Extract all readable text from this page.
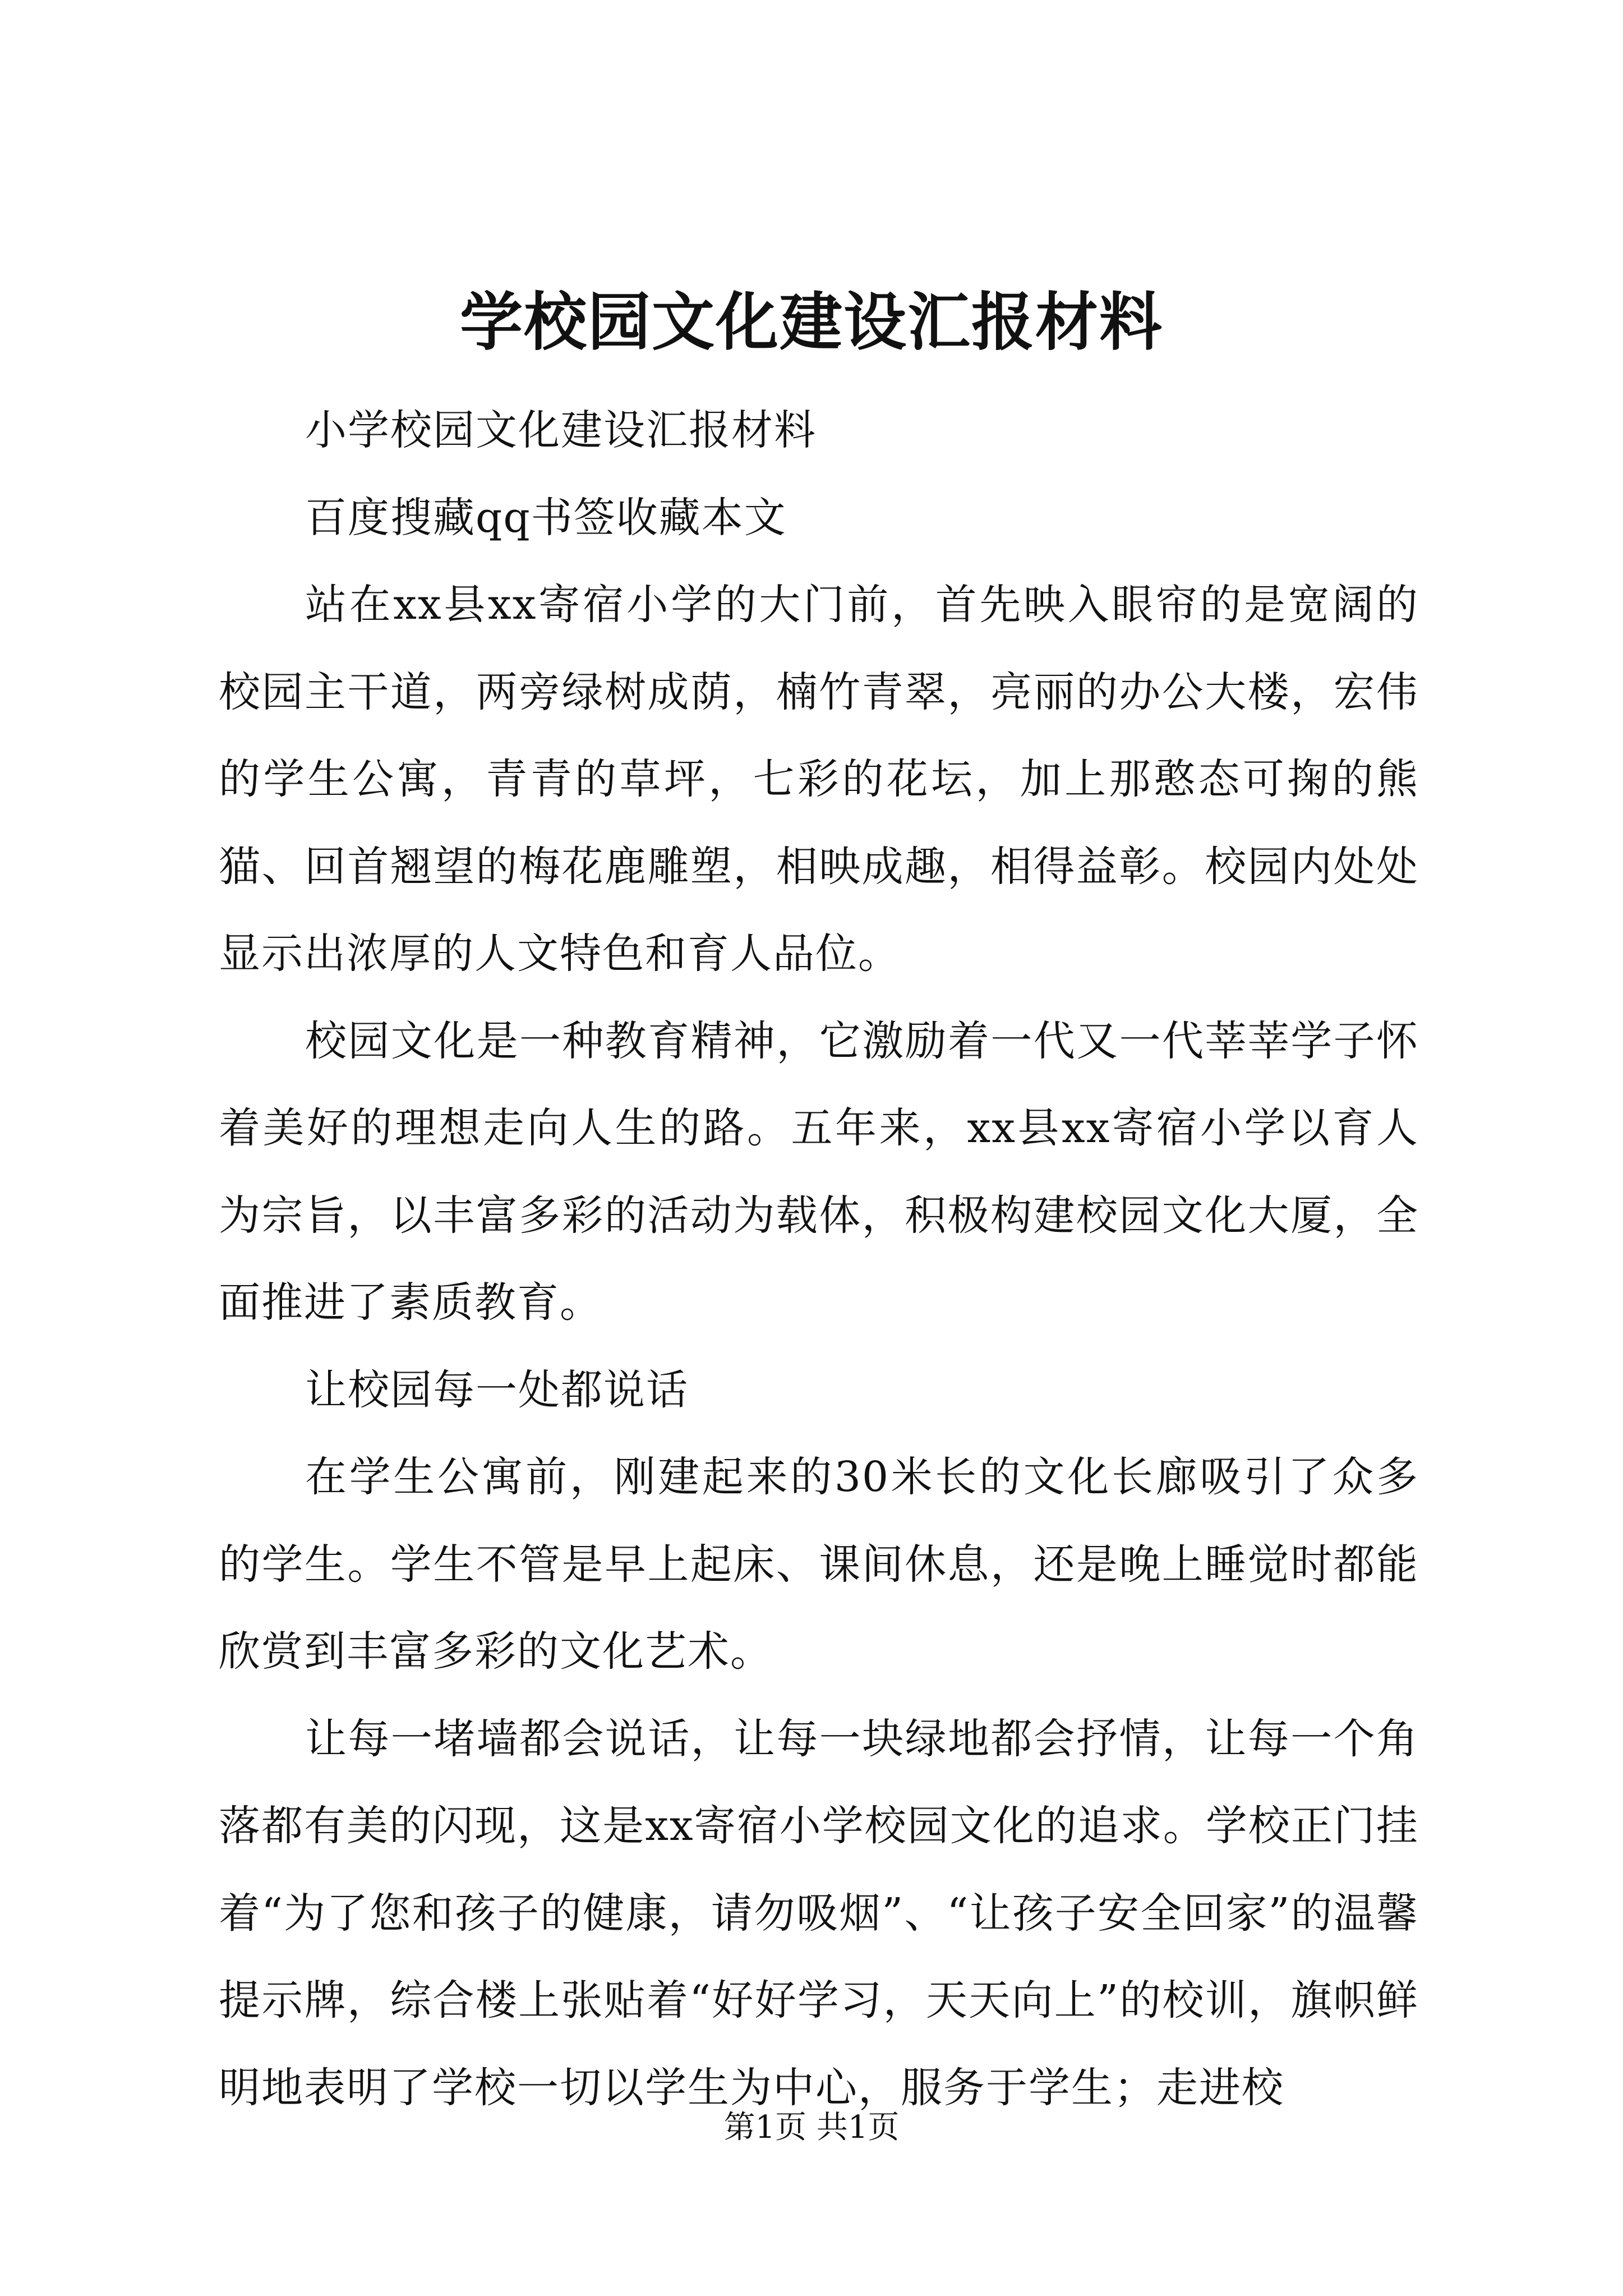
学校园文化建设汇报材料

小学校园文化建设汇报材料

百度搜藏qq书签收藏本文

站在xx县xx寄宿小学的大门前，首先映入眼帘的是宽阔的校园主干道，两旁绿树成荫，楠竹青翠，亮丽的办公大楼，宏伟的学生公寓，青青的草坪，七彩的花坛，加上那憨态可掬的熊猫、回首翘望的梅花鹿雕塑，相映成趣，相得益彰。校园内处处显示出浓厚的人文特色和育人品位。

校园文化是一种教育精神，它激励着一代又一代莘莘学子怀着美好的理想走向人生的路。五年来，xx县xx寄宿小学以育人为宗旨，以丰富多彩的活动为载体，积极构建校园文化大厦，全面推进了素质教育。

让校园每一处都说话

在学生公寓前，刚建起来的30米长的文化长廊吸引了众多的学生。学生不管是早上起床、课间休息，还是晚上睡觉时都能欣赏到丰富多彩的文化艺术。

让每一堵墙都会说话，让每一块绿地都会抒情，让每一个角落都有美的闪现，这是xx寄宿小学校园文化的追求。学校正门挂着“为了您和孩子的健康，请勿吸烟”、“让孩子安全回家”的温馨提示牌，综合楼上张贴着“好好学习，天天向上”的校训，旗帜鲜明地表明了学校一切以学生为中心，服务于学生；走进校

第1页 共1页
